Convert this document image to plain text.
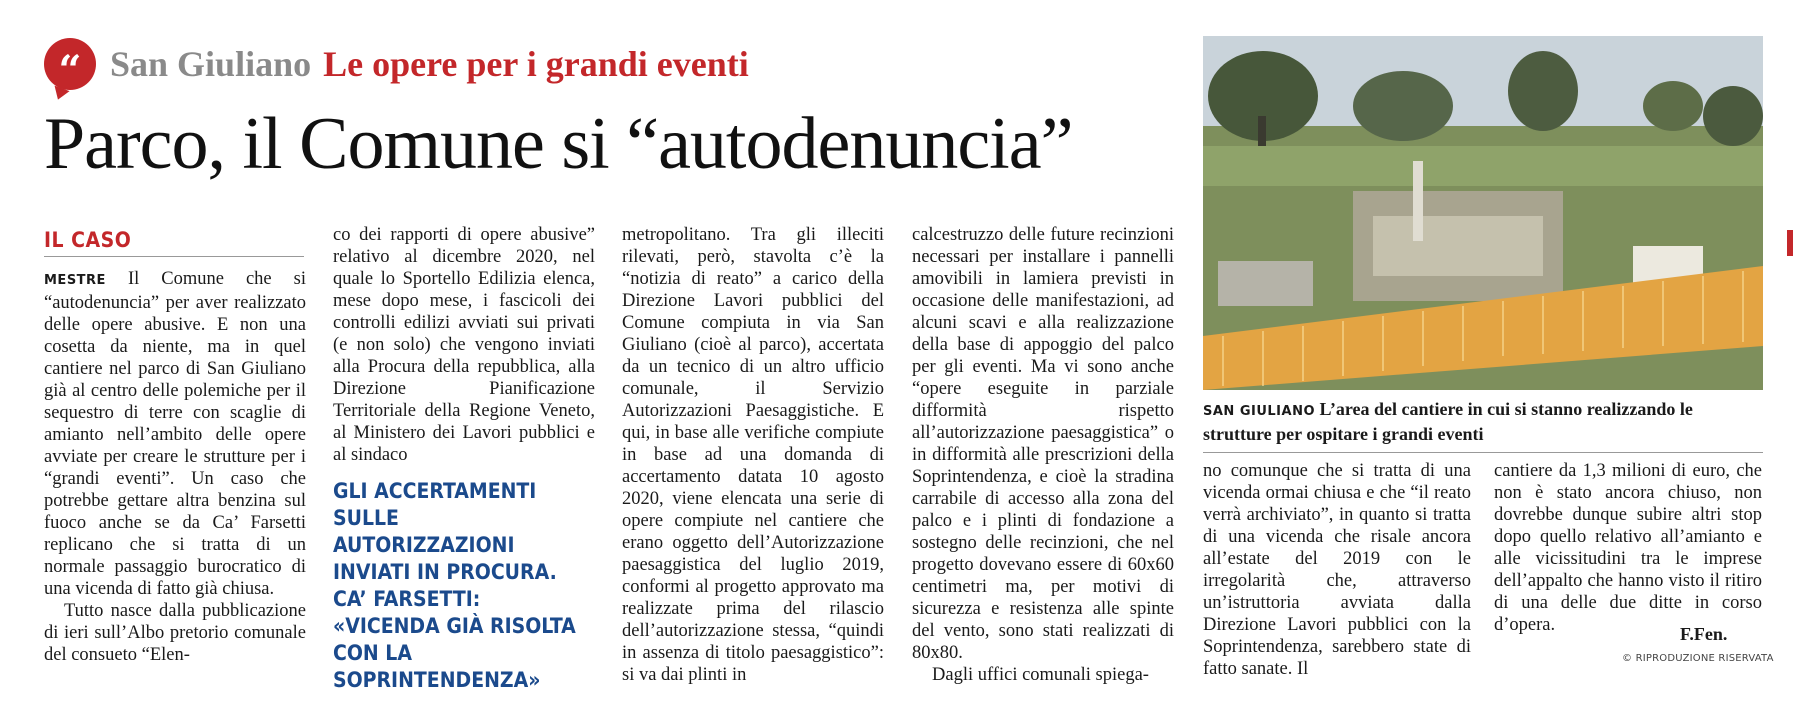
“ San Giuliano Le opere per i grandi eventi
Parco, il Comune si “autodenuncia”
IL CASO

MESTRE Il Comune che si “autodenuncia” per aver realizzato delle opere abusive. E non una cosetta da niente, ma in quel cantiere nel parco di San Giuliano già al centro delle polemiche per il sequestro di terre con scaglie di amianto nell’ambito delle opere avviate per creare le strutture per i “grandi eventi”. Un caso che potrebbe gettare altra benzina sul fuoco anche se da Ca’ Farsetti replicano che si tratta di un normale passaggio burocratico di una vicenda di fatto già chiusa.

Tutto nasce dalla pubblicazione di ieri sull’Albo pretorio comunale del consueto “Elen-

co dei rapporti di opere abusive” relativo al dicembre 2020, nel quale lo Sportello Edilizia elenca, mese dopo mese, i fascicoli dei controlli edilizi avviati sui privati (e non solo) che vengono inviati alla Procura della repubblica, alla Direzione Pianificazione Territoriale della Regione Veneto, al Ministero dei Lavori pubblici e al sindaco

GLI ACCERTAMENTI SULLE AUTORIZZAZIONI INVIATI IN PROCURA. CA’ FARSETTI: «VICENDA GIÀ RISOLTA CON LA SOPRINTENDENZA»

metropolitano. Tra gli illeciti rilevati, però, stavolta c’è la “notizia di reato” a carico della Direzione Lavori pubblici del Comune compiuta in via San Giuliano (cioè al parco), accertata da un tecnico di un altro ufficio comunale, il Servizio Autorizzazioni Paesaggistiche. E qui, in base alle verifiche compiute in base ad una domanda di accertamento datata 10 agosto 2020, viene elencata una serie di opere compiute nel cantiere che erano oggetto dell’Autorizzazione paesaggistica del luglio 2019, conformi al progetto approvato ma realizzate prima del rilascio dell’autorizzazione stessa, “quindi in assenza di titolo paesaggistico”: si va dai plinti in

calcestruzzo delle future recinzioni necessari per installare i pannelli amovibili in lamiera previsti in occasione delle manifestazioni, ad alcuni scavi e alla realizzazione della base di appoggio del palco per gli eventi. Ma vi sono anche “opere eseguite in parziale difformità rispetto all’autorizzazione paesaggistica” o in difformità alle prescrizioni della Soprintendenza, e cioè la stradina carrabile di accesso alla zona del palco e i plinti di fondazione a sostegno delle recinzioni, che nel progetto dovevano essere di 60x60 centimetri ma, per motivi di sicurezza e resistenza alle spinte del vento, sono stati realizzati di 80x80.

Dagli uffici comunali spiega-

SAN GIULIANO L’area del cantiere in cui si stanno realizzando le strutture per ospitare i grandi eventi

no comunque che si tratta di una vicenda ormai chiusa e che “il reato verrà archiviato”, in quanto si tratta di una vicenda che risale ancora all’estate del 2019 con le irregolarità che, attraverso un’istruttoria avviata dalla Direzione Lavori pubblici con la Soprintendenza, sarebbero state di fatto sanate. Il

cantiere da 1,3 milioni di euro, che non è stato ancora chiuso, non dovrebbe dunque subire altri stop dopo quello relativo all’amianto e alle vicissitudini tra le imprese dell’appalto che hanno visto il ritiro di una delle due ditte in corso d’opera.	F.Fen.
© RIPRODUZIONE RISERVATA
